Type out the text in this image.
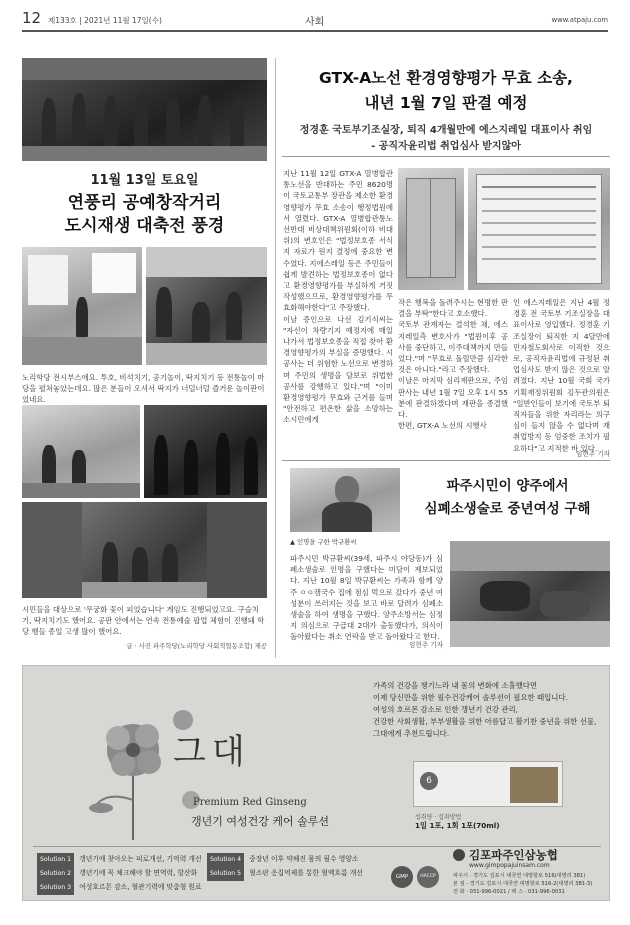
12 제133호 | 2021년 11월 17일(수)	사회	www.atpaju.com
11월 13일 토요일
연풍리 공예창작거리
도시재생 대축전 풍경
노리학당 전시부스에요. 투호, 비석치기, 공기놀이, 딱지치기 등 전통놀이 마당을 펼쳐놓았는데요. 많은 분들이 오셔서 딱지가 너덜너덜 즐거운 놀이판이었네요.
시민들을 대상으로 '무궁화 꽃이 피었습니다' 게임도 진행되었고요. 구슬치기, 딱지치기도 했어요. 공판 안에서는 연속 전통예술 팝업 체험이 진행돼 학당 행들 종일 고생 많이 했어요.
글 · 사진 파주학당(노리학당 사회적협동조합) 제공
GTX-A노선 환경영향평가 무효 소송,
내년 1월 7일 판결 예정
정경훈 국토부기조실장, 퇴직 4개월만에 에스지레일 대표이사 취임
- 공직자윤리법 취업심사 받지않아
지난 11월 12일 GTX-A 열병합관통노선을 반대하는 주민 8620명이 국토교통부 장관을 제소한 환경영향평가 무효 소송이 행정법원에서 열렸다. GTX-A 열병합관통노선반대 비상대책위원회(이하 비대위)의 변호인은 "법정보호종 서식지 자료가 원지 결정에 중요한 변수였다. 지에스레일 등은 주민들이 쉽게 발견하는 법정보호종이 없다고 환경영향평가를 부실하게 거짓 작성했으므로, 환경영향평가를 무효화해야한다"고 주장했다.
이날 증인으로 나선 김기식씨는 "자신이 차량기지 예정지에 매일 나가서 법정보호종을 직접 찾아 환경영향평가의 부실을 증명했다. 시공사는 더 위험한 노선으로 변경하며 주민의 생명을 담보로 위법한 공사를 강행하고 있다."며 "이미 환경영향평가 무효와 근거를 들며 "안전하고 편온한 삶을 소망하는 소시민에게
작은 행복을 돌려주시는 현명한 판결을 부탁"한다고 호소했다.
국토부 관계자는 결석한 채, 에스지레일측 변호사가 "법원이후 공사를 중단하고, 이주대책까지 만들었다."며 "무효로 돌릴만큼 심각한 것은 아니다."라고 주장했다.
이날은 마지막 심리재판으로, 주임판사는 내년 1월 7일 오후 1시 55분에 판결하겠다며 재판을 종결했다.
한편, GTX-A 노선의 시행사
인 에스지레일은 지난 4월 정경훈 전 국토부 기조실장을 대표이사로 영입했다. 정경훈 기조실장이 퇴직한 지 4달만에 민자철도회사로 이직한 것으로, 공직자윤리법에 규정된 취업심사도 받지 않은 것으로 알려졌다. 지난 10월 국회 국가기획재정위원회 김두관의원은 "일반인들이 보기에 국토부 퇴직자들을 위한 자리라는 의구심이 들지 않을 수 없다며 재취업방지 등 엄중한 조치가 필요하다"고 지적한 바 있다.
임현주 기자
파주시민이 양주에서
심폐소생술로 중년여성 구해
▲ 인명을 구한 박규환씨
파주시민 박규환씨(39세, 파주시 야당동)가 심폐소생술로 인명을 구했다는 미담이 제보되었다. 지난 10월 8일 박규환씨는 가족과 함께 양주 ㅇㅇ캠국수 집에 점심 먹으로 갔다가 중년 여성분이 쓰러지는 것을 보고 바로 달려가 심폐소생술을 하여 생명을 구했다. 양주소방서는 심정지 의심으로 구급대 2대가 출동했다가, 의식이 돌아왔다는 취소 연락을 받고 돌아왔다고 한다.
임현주 기자
그대
Premium Red Ginseng
갱년기 여성건강 케어 솔루션
가족의 건강을 챙기느라 내 몸의 변화에 소홀했다면
이제 당신만을 위한 필수건강케어 솔루션이 필요한 때입니다.
여성의 호르몬 감소로 인한 갱년기 건강 관리,
건강한 사회생활, 부부생활을 위한 아름답고 활기찬 중년을 위한 선물,
그대에게 추천드립니다.
6
섭취량 · 섭취방법
1일 1포, 1회 1포(70ml)
Solution 1 갱년기에 찾아오는 피로개선, 기억력 개선
Solution 2 갱년기에 꼭 체크해야 할 면역력, 항산화
Solution 3 여성호르몬 감소, 혈관기력에 맞춤형 원료
Solution 4 중장년 이후 약해진 몸의 필수 영양소
Solution 5 혈소판 응집억제를 통한 혈액흐름 개선	GMP	HACCP
김포파주인삼농협
www.gimpopajuinsam.com
파주시 · 경기도 김포시 대곶면 대명항로 516(대명리 381)
본 점 · 경기도 김포시 대곶면 대명항로 516-2(대명리 381-3)
전 화 · 031-996-0021 / 팩 스 · 031-996-0031
